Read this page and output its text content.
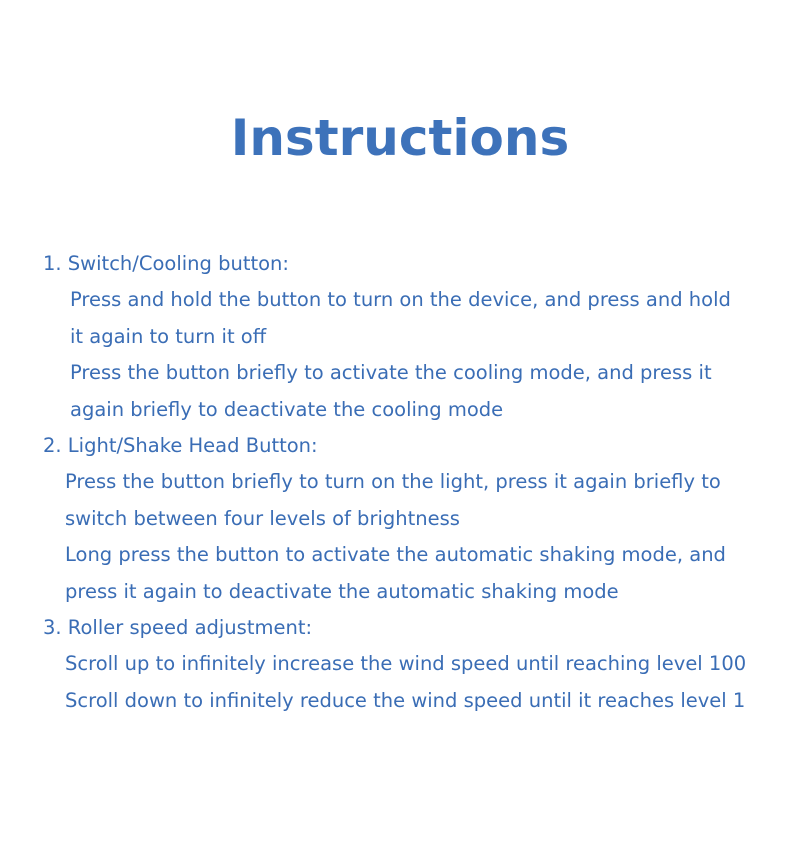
Instructions
1. Switch/Cooling button:
Press and hold the button to turn on the device, and press and hold
it again to turn it off
Press the button briefly to activate the cooling mode, and press it
again briefly to deactivate the cooling mode
2. Light/Shake Head Button:
Press the button briefly to turn on the light, press it again briefly to
switch between four levels of brightness
Long press the button to activate the automatic shaking mode, and
press it again to deactivate the automatic shaking mode
3. Roller speed adjustment:
Scroll up to infinitely increase the wind speed until reaching level 100
Scroll down to infinitely reduce the wind speed until it reaches level 1
